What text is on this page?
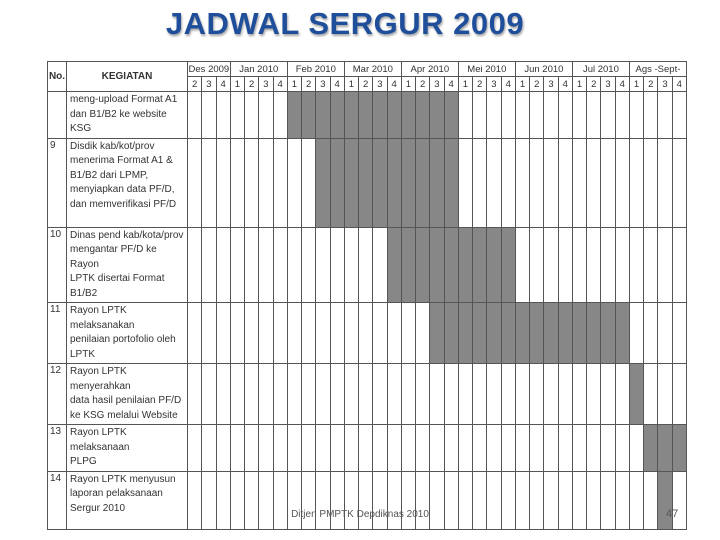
JADWAL SERGUR 2009
No.	KEGIATAN	Des 2009			Jan 2010				Feb 2010				Mar 2010				Apr 2010				Mei 2010				Jun 2010				Jul 2010				Ags -Sept-			
		2	3	4	1	2	3	4	1	2	3	4	1	2	3	4	1	2	3	4	1	2	3	4	1	2	3	4	1	2	3	4	1	2	3	4

	meng-upload Format A1
dan B1/B2 ke website KSG																																			

9	Disdik kab/kot/prov
menerima Format A1 &
B1/B2 dari LPMP,
menyiapkan data PF/D,
dan memverifikasi PF/D																																			

10	Dinas pend kab/kota/prov
mengantar PF/D ke Rayon
LPTK disertai Format
B1/B2																																			

11	Rayon LPTK melaksanakan
penilaian portofolio oleh
LPTK																																			

12	Rayon LPTK menyerahkan
data hasil penilaian PF/D
ke KSG melalui Website																																			

13	Rayon LPTK melaksanaan
PLPG																																			

14	Rayon LPTK menyusun
laporan pelaksanaan
Sergur 2010																																			

Ditjen PMPTK Depdiknas 2010	47
